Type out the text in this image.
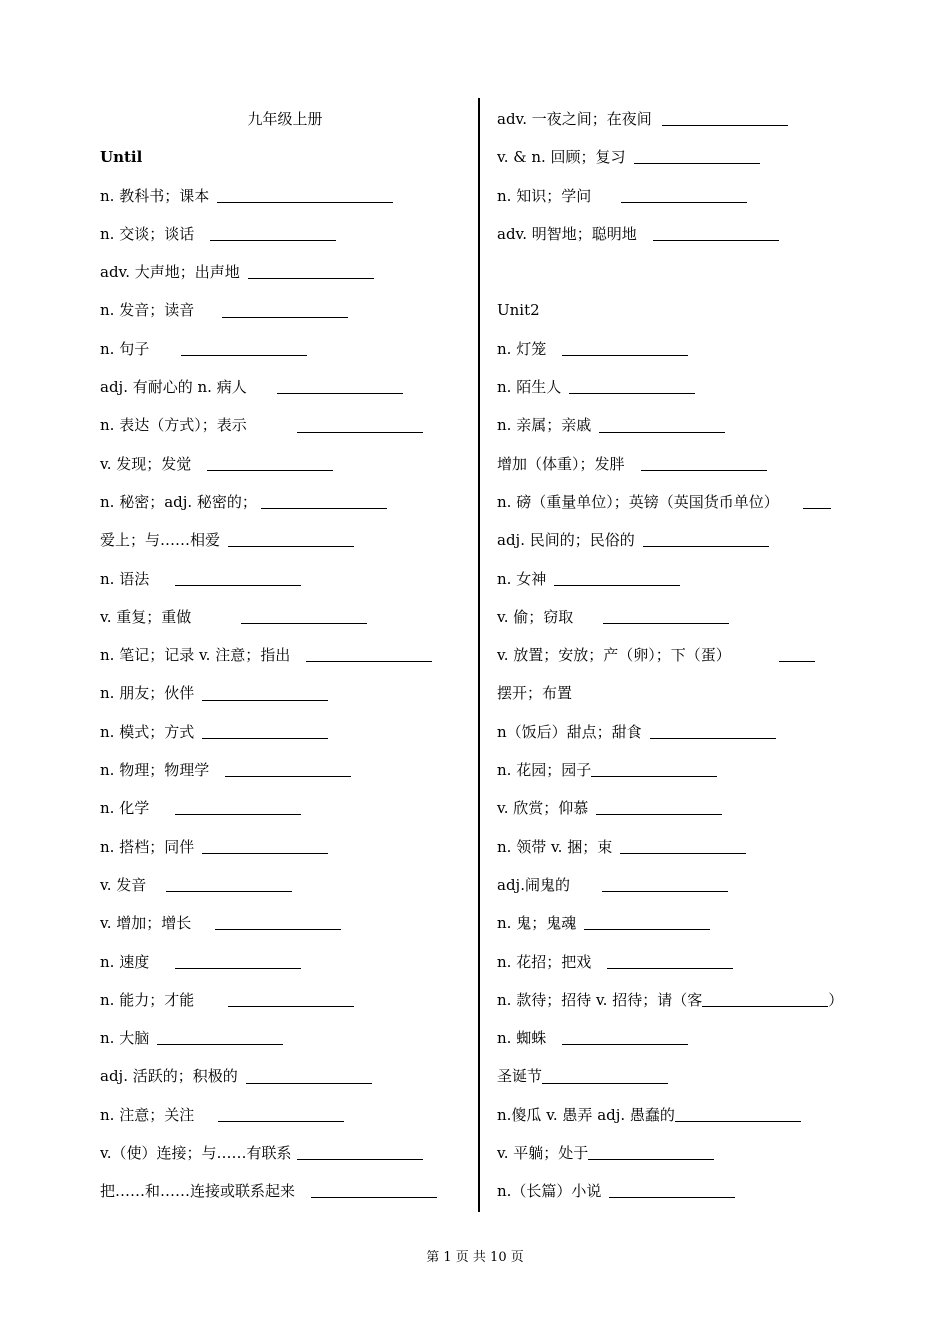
九年级上册
Until
n. 教科书；课本
n. 交谈；谈话
adv. 大声地；出声地
n. 发音；读音
n. 句子
adj. 有耐心的 n. 病人
n. 表达（方式）；表示
v. 发现；发觉
n. 秘密；adj. 秘密的；
爱上；与……相爱
n. 语法
v. 重复；重做
n. 笔记；记录 v. 注意；指出
n. 朋友；伙伴
n. 模式；方式
n. 物理；物理学
n. 化学
n. 搭档；同伴
v. 发音
v. 增加；增长
n. 速度
n. 能力；才能
n. 大脑
adj. 活跃的；积极的
n. 注意；关注
v.（使）连接；与……有联系
把……和……连接或联系起来
adv. 一夜之间；在夜间
v. & n. 回顾；复习
n. 知识；学问
adv. 明智地；聪明地
Unit2
n. 灯笼
n. 陌生人
n. 亲属；亲戚
增加（体重）；发胖
n. 磅（重量单位）；英镑（英国货币单位）
adj. 民间的；民俗的
n. 女神
v. 偷；窃取
v. 放置；安放；产（卵）；下（蛋）
摆开；布置
n（饭后）甜点；甜食
n. 花园；园子
v. 欣赏；仰慕
n. 领带 v. 捆；束
adj.闹鬼的
n. 鬼；鬼魂
n. 花招；把戏
n. 款待；招待 v. 招待；请（客	）
n. 蜘蛛
圣诞节
n.傻瓜 v. 愚弄 adj. 愚蠢的
v. 平躺；处于
n.（长篇）小说
第 1 页 共 10 页
